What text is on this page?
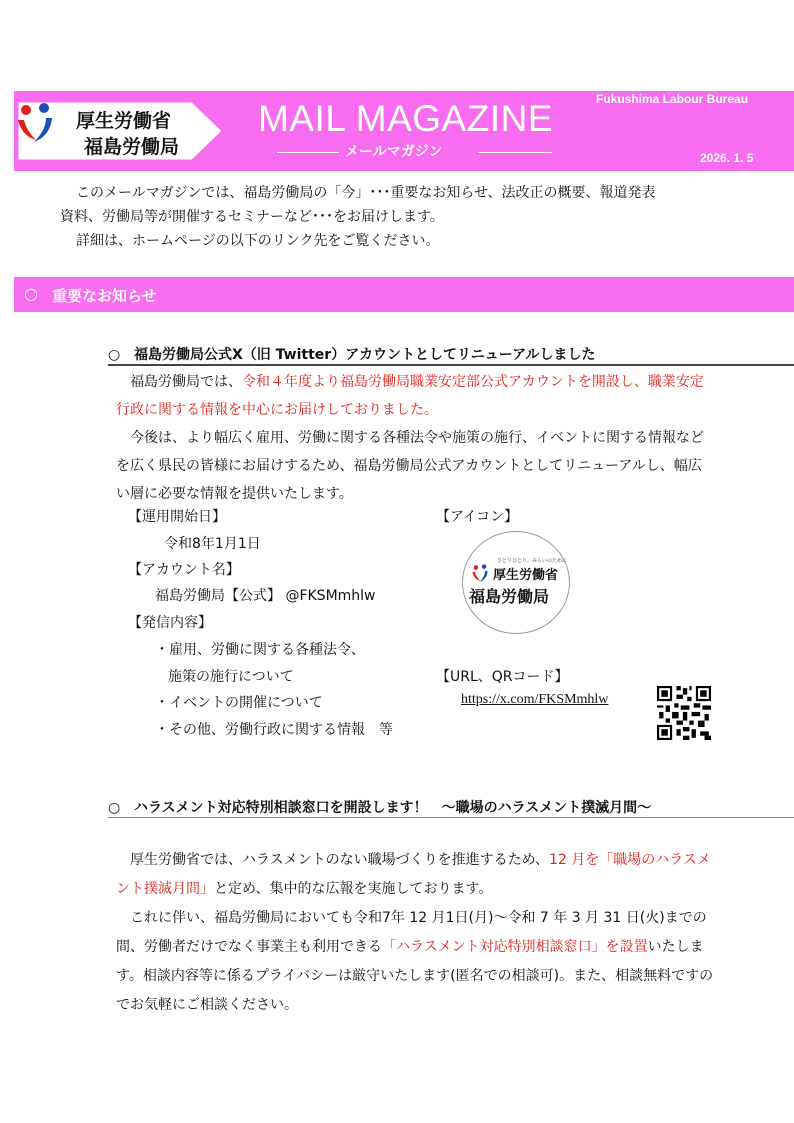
厚生労働省
福島労働局
MAIL MAGAZINE
メールマガジン
Fukushima Labour Bureau
2026. 1. 5

　このメールマガジンでは、福島労働局の「今」･･･重要なお知らせ、法改正の概要、報道発表

資料、労働局等が開催するセミナーなど･･･をお届けします。

　詳細は、ホームページの以下のリンク先をご覧ください。

○ 重要なお知らせ
○ 福島労働局公式X（旧 Twitter）アカウントとしてリニューアルしました

　福島労働局では、令和４年度より福島労働局職業安定部公式アカウントを開設し、職業安定行政に関する情報を中心にお届けしておりました。

　今後は、より幅広く雇用、労働に関する各種法令や施策の施行、イベントに関する情報などを広く県民の皆様にお届けするため、福島労働局公式アカウントとしてリニューアルし、幅広い層に必要な情報を提供いたします。

【運用開始日】
令和8年1月1日
【アカウント名】
福島労働局【公式】 @FKSMmhlw
【発信内容】
・雇用、労働に関する各種法令、
施策の施行について
・イベントの開催について
・その他、労働行政に関する情報　等
【アイコン】
ひとりひとり、みらいのために
厚生労働省
福島労働局
【URL、QRコード】
https://x.com/FKSMmhlw
○ ハラスメント対応特別相談窓口を開設します！　～職場のハラスメント撲滅月間～

　厚生労働省では、ハラスメントのない職場づくりを推進するため、12 月を「職場のハラスメント撲滅月間」と定め、集中的な広報を実施しております。

　これに伴い、福島労働局においても令和7年 12 月1日(月)～令和 7 年 3 月 31 日(火)までの間、労働者だけでなく事業主も利用できる「ハラスメント対応特別相談窓口」を設置いたします。相談内容等に係るプライバシーは厳守いたします(匿名での相談可)。また、相談無料ですのでお気軽にご相談ください。
